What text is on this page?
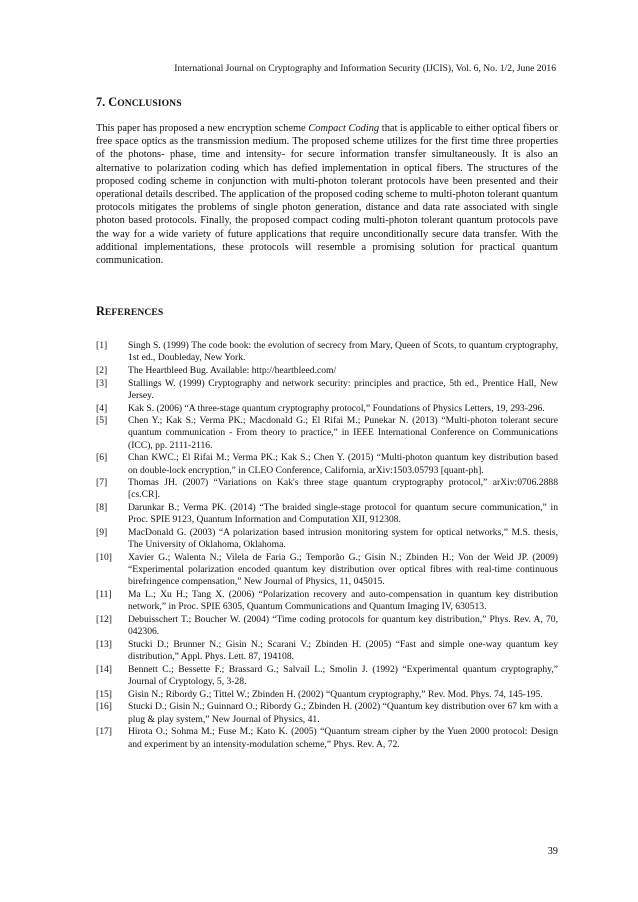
International Journal on Cryptography and Information Security (IJCIS), Vol. 6, No. 1/2, June 2016
7. CONCLUSIONS
This paper has proposed a new encryption scheme Compact Coding that is applicable to either optical fibers or free space optics as the transmission medium. The proposed scheme utilizes for the first time three properties of the photons- phase, time and intensity- for secure information transfer simultaneously. It is also an alternative to polarization coding which has defied implementation in optical fibers. The structures of the proposed coding scheme in conjunction with multi-photon tolerant protocols have been presented and their operational details described. The application of the proposed coding scheme to multi-photon tolerant quantum protocols mitigates the problems of single photon generation, distance and data rate associated with single photon based protocols. Finally, the proposed compact coding multi-photon tolerant quantum protocols pave the way for a wide variety of future applications that require unconditionally secure data transfer. With the additional implementations, these protocols will resemble a promising solution for practical quantum communication.
REFERENCES
[1] Singh S. (1999) The code book: the evolution of secrecy from Mary, Queen of Scots, to quantum cryptography, 1st ed., Doubleday, New York.
[2] The Heartbleed Bug. Available: http://heartbleed.com/
[3] Stallings W. (1999) Cryptography and network security: principles and practice, 5th ed., Prentice Hall, New Jersey.
[4] Kak S. (2006) “A three-stage quantum cryptography protocol,” Foundations of Physics Letters, 19, 293-296.
[5] Chen Y.; Kak S.; Verma PK.; Macdonald G.; El Rifai M.; Punekar N. (2013) “Multi-photon tolerant secure quantum communication - From theory to practice,” in IEEE International Conference on Communications (ICC), pp. 2111-2116.
[6] Chan KWC.; El Rifai M.; Verma PK.; Kak S.; Chen Y. (2015) “Multi-photon quantum key distribution based on double-lock encryption,” in CLEO Conference, California, arXiv:1503.05793 [quant-ph].
[7] Thomas JH. (2007) “Variations on Kak's three stage quantum cryptography protocol,” arXiv:0706.2888 [cs.CR].
[8] Darunkar B.; Verma PK. (2014) “The braided single-stage protocol for quantum secure communication,” in Proc. SPIE 9123, Quantum Information and Computation XII, 912308.
[9] MacDonald G. (2003) “A polarization based intrusion monitoring system for optical networks,” M.S. thesis, The University of Oklahoma, Oklahoma.
[10] Xavier G.; Walenta N.; Vilela de Faria G.; Temporão G.; Gisin N.; Zbinden H.; Von der Weid JP. (2009) “Experimental polarization encoded quantum key distribution over optical fibres with real-time continuous birefringence compensation,” New Journal of Physics, 11, 045015.
[11] Ma L.; Xu H.; Tang X. (2006) “Polarization recovery and auto-compensation in quantum key distribution network,” in Proc. SPIE 6305, Quantum Communications and Quantum Imaging IV, 630513.
[12] Debuisschert T.; Boucher W. (2004) “Time coding protocols for quantum key distribution,” Phys. Rev. A, 70, 042306.
[13] Stucki D.; Brunner N.; Gisin N.; Scarani V.; Zbinden H. (2005) “Fast and simple one-way quantum key distribution,” Appl. Phys. Lett. 87, 194108.
[14] Bennett C.; Bessette F.; Brassard G.; Salvail L.; Smolin J. (1992) “Experimental quantum cryptography,” Journal of Cryptology, 5, 3-28.
[15] Gisin N.; Ribordy G.; Tittel W.; Zbinden H. (2002) “Quantum cryptography,” Rev. Mod. Phys. 74, 145-195.
[16] Stucki D.; Gisin N.; Guinnard O.; Ribordy G.; Zbinden H. (2002) “Quantum key distribution over 67 km with a plug & play system,” New Journal of Physics, 41.
[17] Hirota O.; Sohma M.; Fuse M.; Kato K. (2005) “Quantum stream cipher by the Yuen 2000 protocol: Design and experiment by an intensity-modulation scheme,” Phys. Rev. A, 72.
39
